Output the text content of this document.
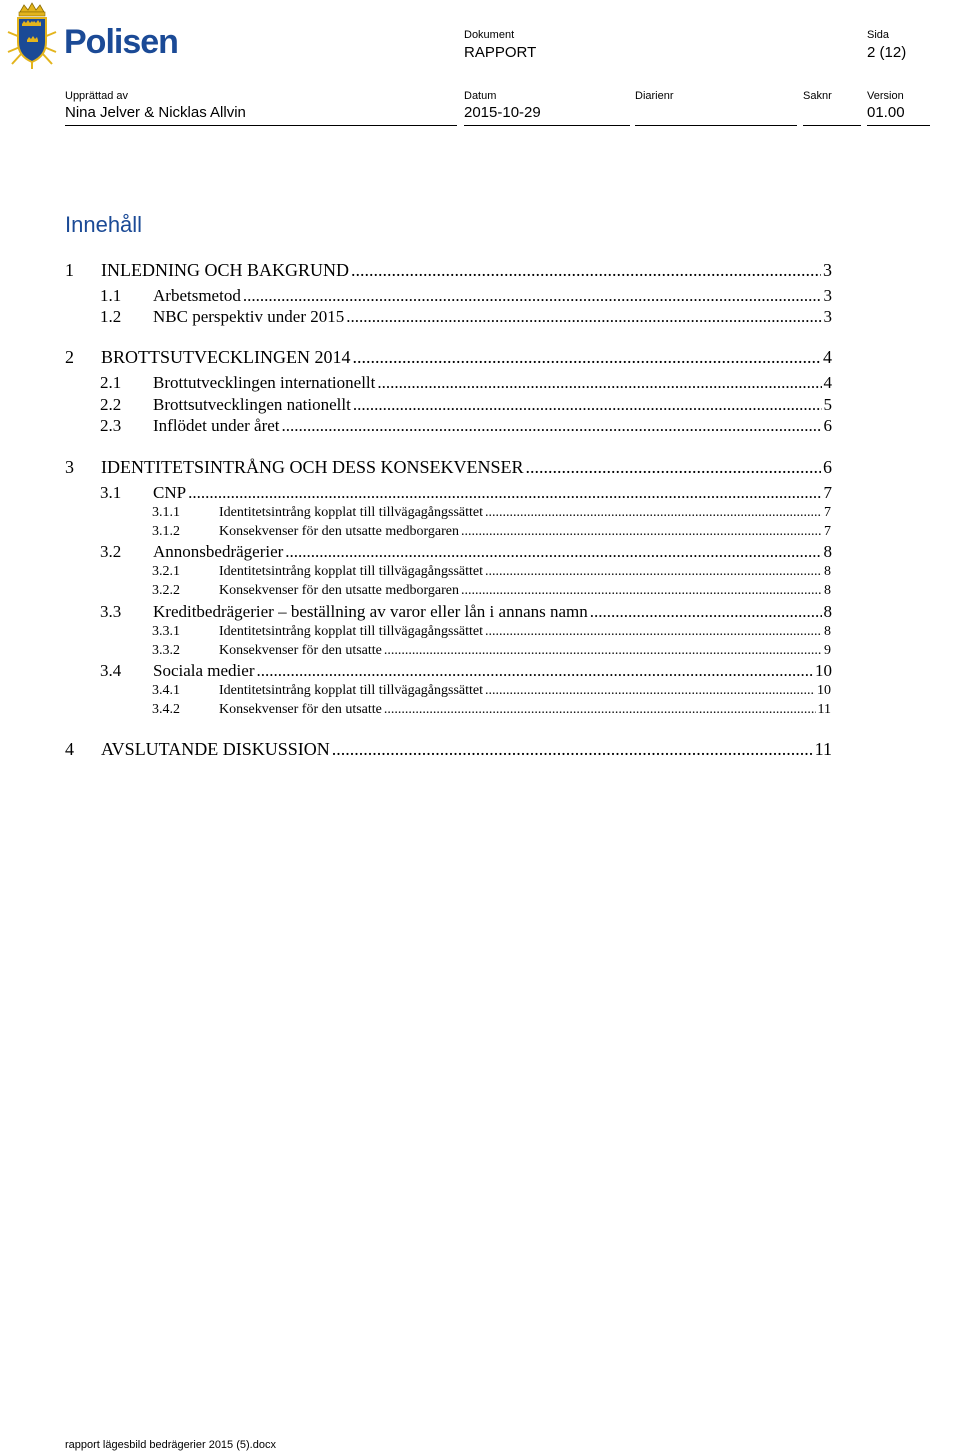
Polisen	Dokument
RAPPORT
Sida
2 (12)
Upprättad av
Nina Jelver & Nicklas Allvin
Datum
2015-10-29
Diarienr	Saknr	Version
01.00
Innehåll
1	INLEDNING OCH BAKGRUND .....	3
1.1	Arbetsmetod .....	3
1.2	NBC perspektiv under 2015 .....	3
2	BROTTSUTVECKLINGEN 2014 .....	4
2.1	Brottutvecklingen internationellt .....	4
2.2	Brottsutvecklingen nationellt .....	5
2.3	Inflödet under året .....	6
3	IDENTITETSINTRÅNG OCH DESS KONSEKVENSER .....	6
3.1	CNP .....	7
3.1.1	Identitetsintrång kopplat till tillvägagångssättet .....	7
3.1.2	Konsekvenser för den utsatte medborgaren .....	7
3.2	Annonsbedrägerier .....	8
3.2.1	Identitetsintrång kopplat till tillvägagångssättet .....	8
3.2.2	Konsekvenser för den utsatte medborgaren .....	8
3.3	Kreditbedrägerier – beställning av varor eller lån i annans namn .....	8
3.3.1	Identitetsintrång kopplat till tillvägagångssättet .....	8
3.3.2	Konsekvenser för den utsatte .....	9
3.4	Sociala medier .....	10
3.4.1	Identitetsintrång kopplat till tillvägagångssättet .....	10
3.4.2	Konsekvenser för den utsatte .....	11
4	AVSLUTANDE DISKUSSION .....	11
rapport lägesbild bedrägerier 2015 (5).docx
